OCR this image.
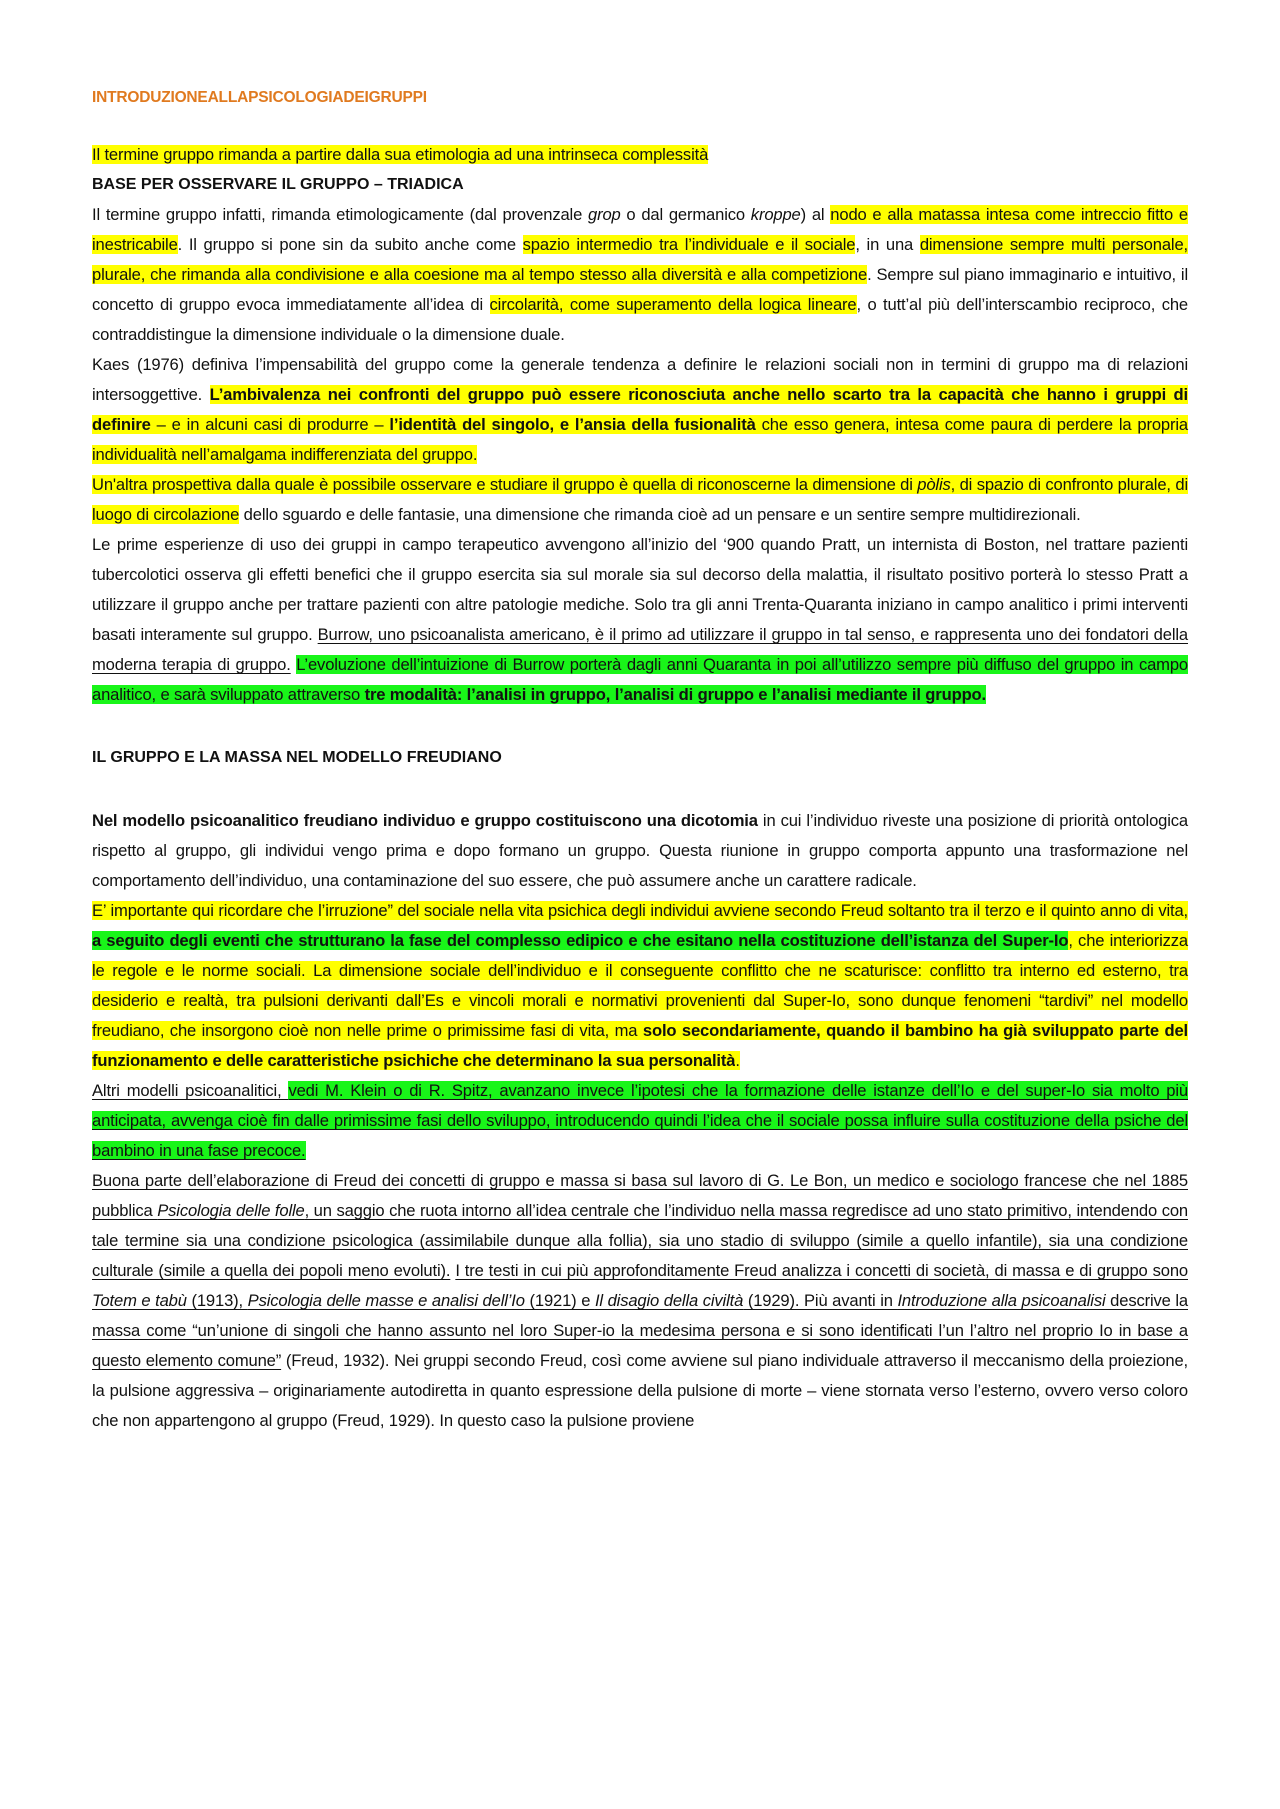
INTRODUZIONEALLAPSICOLOGIADEIGRUPPI

Il termine gruppo rimanda a partire dalla sua etimologia ad una intrinseca complessità

BASE PER OSSERVARE IL GRUPPO – TRIADICA

Il termine gruppo infatti, rimanda etimologicamente (dal provenzale grop o dal germanico kroppe) al nodo e alla matassa intesa come intreccio fitto e inestricabile. Il gruppo si pone sin da subito anche come spazio intermedio tra l’individuale e il sociale, in una dimensione sempre multi personale, plurale, che rimanda alla condivisione e alla coesione ma al tempo stesso alla diversità e alla competizione. Sempre sul piano immaginario e intuitivo, il concetto di gruppo evoca immediatamente all’idea di circolarità, come superamento della logica lineare, o tutt’al più dell’interscambio reciproco, che contraddistingue la dimensione individuale o la dimensione duale.

Kaes (1976) definiva l’impensabilità del gruppo come la generale tendenza a definire le relazioni sociali non in termini di gruppo ma di relazioni intersoggettive. L’ambivalenza nei confronti del gruppo può essere riconosciuta anche nello scarto tra la capacità che hanno i gruppi di definire – e in alcuni casi di produrre – l’identità del singolo, e l’ansia della fusionalità che esso genera, intesa come paura di perdere la propria individualità nell’amalgama indifferenziata del gruppo.

Un'altra prospettiva dalla quale è possibile osservare e studiare il gruppo è quella di riconoscerne la dimensione di pòlis, di spazio di confronto plurale, di luogo di circolazione dello sguardo e delle fantasie, una dimensione che rimanda cioè ad un pensare e un sentire sempre multidirezionali.

Le prime esperienze di uso dei gruppi in campo terapeutico avvengono all’inizio del ‘900 quando Pratt, un internista di Boston, nel trattare pazienti tubercolotici osserva gli effetti benefici che il gruppo esercita sia sul morale sia sul decorso della malattia, il risultato positivo porterà lo stesso Pratt a utilizzare il gruppo anche per trattare pazienti con altre patologie mediche. Solo tra gli anni Trenta-Quaranta iniziano in campo analitico i primi interventi basati interamente sul gruppo. Burrow, uno psicoanalista americano, è il primo ad utilizzare il gruppo in tal senso, e rappresenta uno dei fondatori della moderna terapia di gruppo. L’evoluzione dell’intuizione di Burrow porterà dagli anni Quaranta in poi all’utilizzo sempre più diffuso del gruppo in campo analitico, e sarà sviluppato attraverso tre modalità: l’analisi in gruppo, l’analisi di gruppo e l’analisi mediante il gruppo.

IL GRUPPO E LA MASSA NEL MODELLO FREUDIANO

Nel modello psicoanalitico freudiano individuo e gruppo costituiscono una dicotomia in cui l’individuo riveste una posizione di priorità ontologica rispetto al gruppo, gli individui vengo prima e dopo formano un gruppo. Questa riunione in gruppo comporta appunto una trasformazione nel comportamento dell’individuo, una contaminazione del suo essere, che può assumere anche un carattere radicale.

E’ importante qui ricordare che l’irruzione” del sociale nella vita psichica degli individui avviene secondo Freud soltanto tra il terzo e il quinto anno di vita, a seguito degli eventi che strutturano la fase del complesso edipico e che esitano nella costituzione dell’istanza del Super-Io, che interiorizza le regole e le norme sociali. La dimensione sociale dell’individuo e il conseguente conflitto che ne scaturisce: conflitto tra interno ed esterno, tra desiderio e realtà, tra pulsioni derivanti dall’Es e vincoli morali e normativi provenienti dal Super-Io, sono dunque fenomeni “tardivi” nel modello freudiano, che insorgono cioè non nelle prime o primissime fasi di vita, ma solo secondariamente, quando il bambino ha già sviluppato parte del funzionamento e delle caratteristiche psichiche che determinano la sua personalità.

Altri modelli psicoanalitici, vedi M. Klein o di R. Spitz, avanzano invece l’ipotesi che la formazione delle istanze dell’Io e del super-Io sia molto più anticipata, avvenga cioè fin dalle primissime fasi dello sviluppo, introducendo quindi l’idea che il sociale possa influire sulla costituzione della psiche del bambino in una fase precoce.

Buona parte dell’elaborazione di Freud dei concetti di gruppo e massa si basa sul lavoro di G. Le Bon, un medico e sociologo francese che nel 1885 pubblica Psicologia delle folle, un saggio che ruota intorno all’idea centrale che l’individuo nella massa regredisce ad uno stato primitivo, intendendo con tale termine sia una condizione psicologica (assimilabile dunque alla follia), sia uno stadio di sviluppo (simile a quello infantile), sia una condizione culturale (simile a quella dei popoli meno evoluti). I tre testi in cui più approfonditamente Freud analizza i concetti di società, di massa e di gruppo sono Totem e tabù (1913), Psicologia delle masse e analisi dell’Io (1921) e Il disagio della civiltà (1929). Più avanti in Introduzione alla psicoanalisi descrive la massa come “un’unione di singoli che hanno assunto nel loro Super-io la medesima persona e si sono identificati l’un l’altro nel proprio Io in base a questo elemento comune” (Freud, 1932). Nei gruppi secondo Freud, così come avviene sul piano individuale attraverso il meccanismo della proiezione, la pulsione aggressiva – originariamente autodiretta in quanto espressione della pulsione di morte – viene stornata verso l’esterno, ovvero verso coloro che non appartengono al gruppo (Freud, 1929). In questo caso la pulsione proviene
